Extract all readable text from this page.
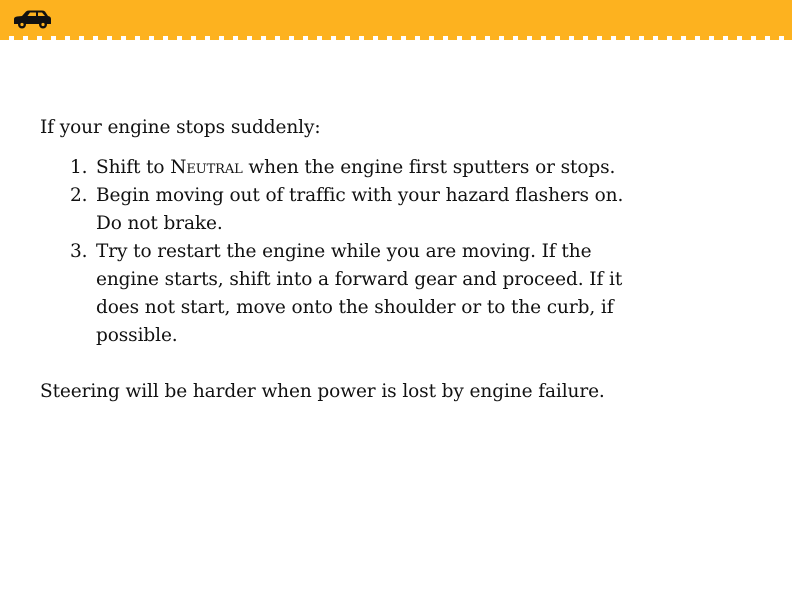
If your engine stops suddenly:

1. Shift to Neutral when the engine first sputters or stops.
2. Begin moving out of traffic with your hazard flashers on. Do not brake.
3. Try to restart the engine while you are moving. If the engine starts, shift into a forward gear and proceed. If it does not start, move onto the shoulder or to the curb, if possible.

Steering will be harder when power is lost by engine failure.
